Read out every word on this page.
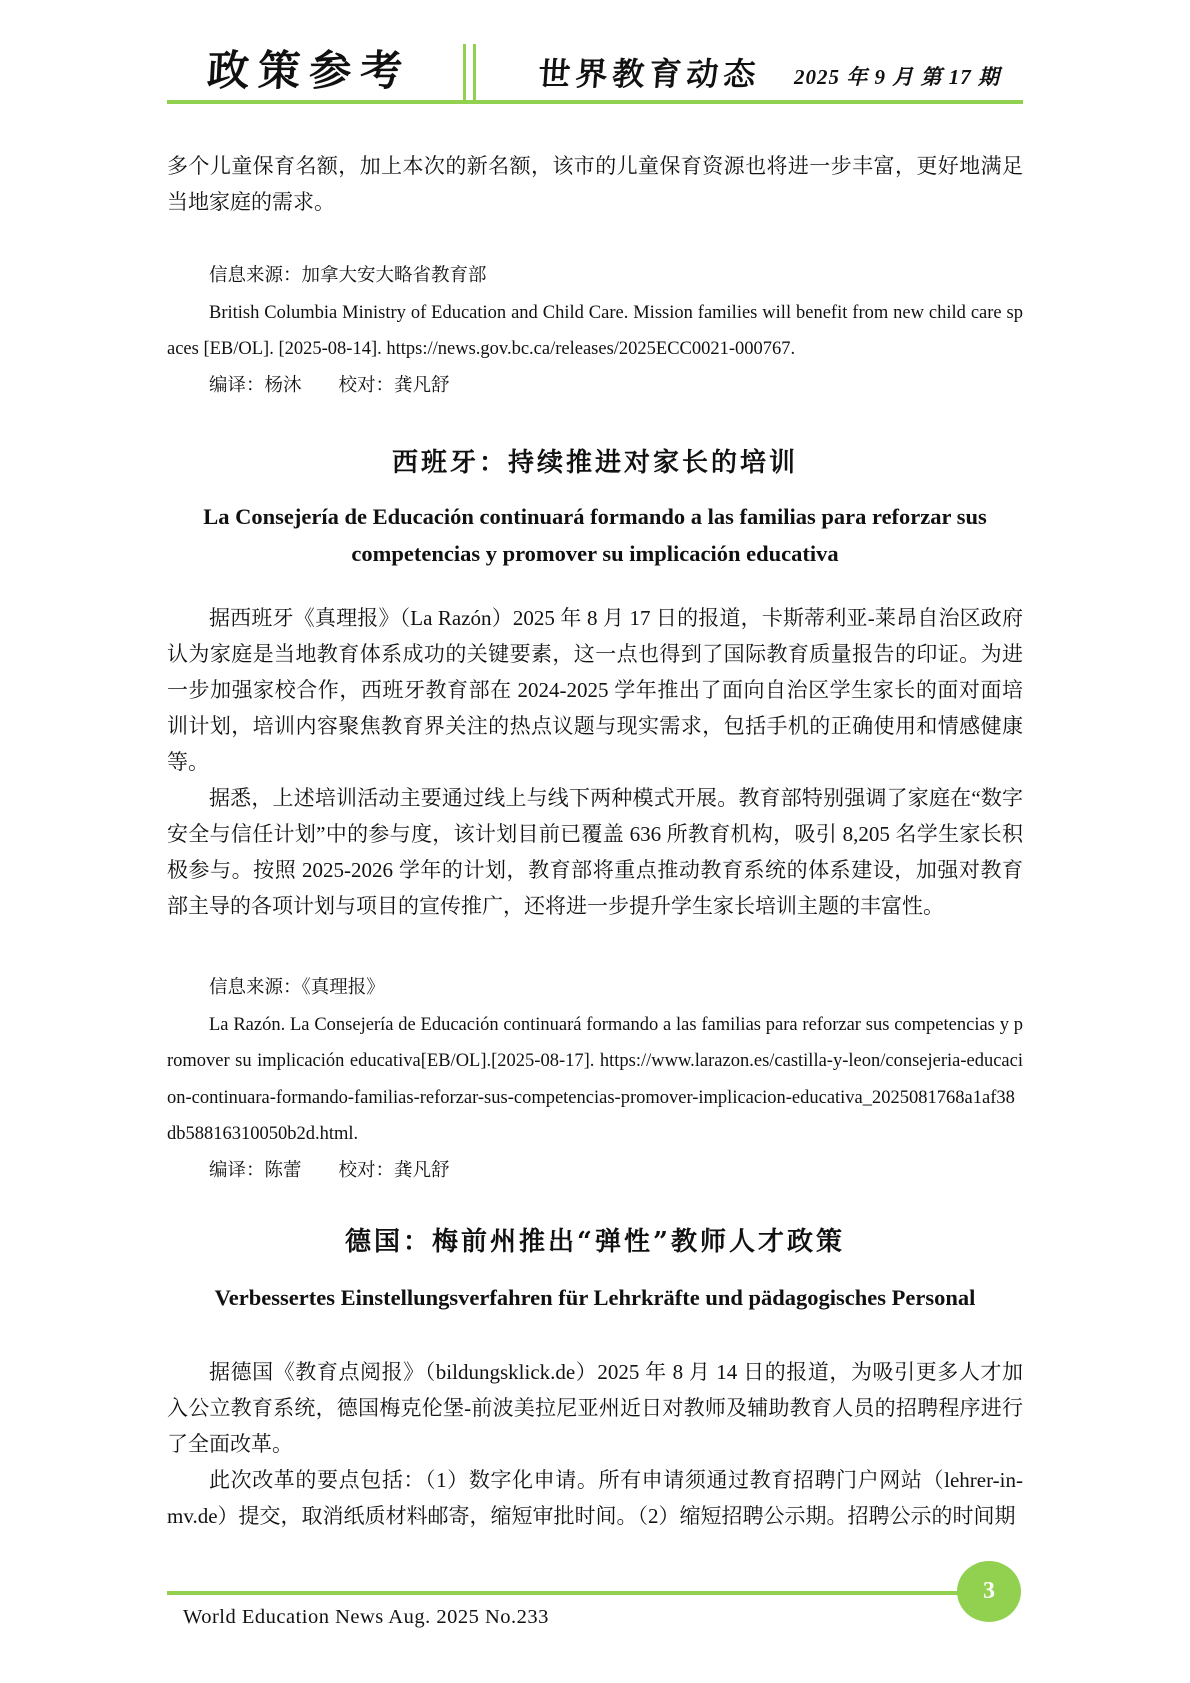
政策参考	世界教育动态 2025 年 9 月 第 17 期

多个儿童保育名额，加上本次的新名额，该市的儿童保育资源也将进一步丰富，更好地满足当地家庭的需求。

信息来源：加拿大安大略省教育部

British Columbia Ministry of Education and Child Care. Mission families will benefit from new child care spaces [EB/OL]. [2025-08-14]. https://news.gov.bc.ca/releases/2025ECC0021-000767.

编译：杨沐　　校对：龚凡舒

西班牙：持续推进对家长的培训
La Consejería de Educación continuará formando a las familias para reforzar sus competencias y promover su implicación educativa

据西班牙《真理报》（La Razón）2025 年 8 月 17 日的报道，卡斯蒂利亚-莱昂自治区政府认为家庭是当地教育体系成功的关键要素，这一点也得到了国际教育质量报告的印证。为进一步加强家校合作，西班牙教育部在 2024-2025 学年推出了面向自治区学生家长的面对面培训计划，培训内容聚焦教育界关注的热点议题与现实需求，包括手机的正确使用和情感健康等。

据悉，上述培训活动主要通过线上与线下两种模式开展。教育部特别强调了家庭在“数字安全与信任计划”中的参与度，该计划目前已覆盖 636 所教育机构，吸引 8,205 名学生家长积极参与。按照 2025-2026 学年的计划，教育部将重点推动教育系统的体系建设，加强对教育部主导的各项计划与项目的宣传推广，还将进一步提升学生家长培训主题的丰富性。

信息来源：《真理报》

La Razón. La Consejería de Educación continuará formando a las familias para reforzar sus competencias y promover su implicación educativa[EB/OL].[2025-08-17]. https://www.larazon.es/castilla-y-leon/consejeria-educacion-continuara-formando-familias-reforzar-sus-competencias-promover-implicacion-educativa_2025081768a1af38db58816310050b2d.html.

编译：陈蕾　　校对：龚凡舒

德国：梅前州推出“弹性”教师人才政策
Verbessertes Einstellungsverfahren für Lehrkräfte und pädagogisches Personal

据德国《教育点阅报》（bildungsklick.de）2025 年 8 月 14 日的报道，为吸引更多人才加入公立教育系统，德国梅克伦堡-前波美拉尼亚州近日对教师及辅助教育人员的招聘程序进行了全面改革。

此次改革的要点包括：（1）数字化申请。所有申请须通过教育招聘门户网站（lehrer-in-mv.de）提交，取消纸质材料邮寄，缩短审批时间。（2）缩短招聘公示期。招聘公示的时间期

3
World Education News Aug. 2025 No.233
